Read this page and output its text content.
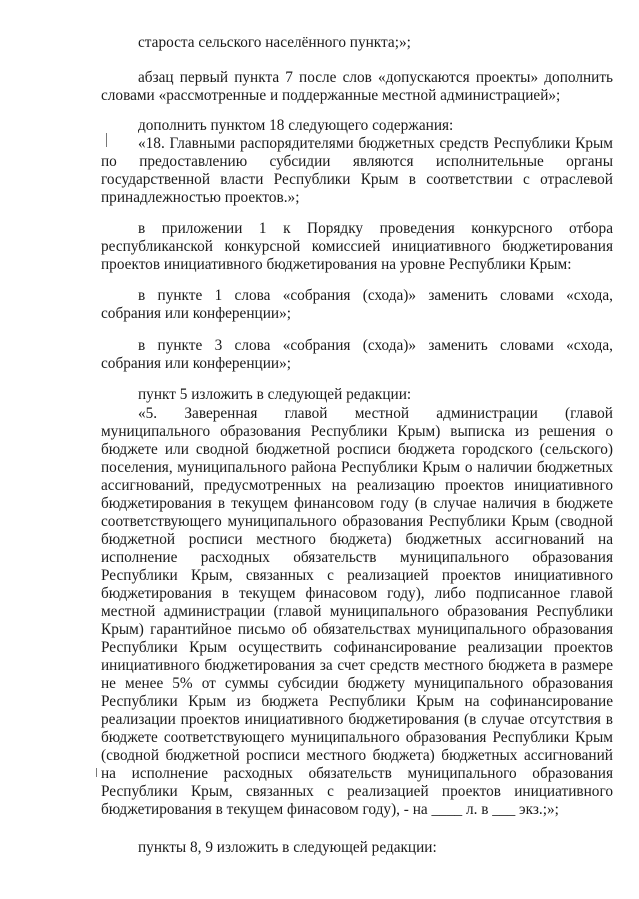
староста сельского населённого пункта;»;
абзац первый пункта 7 после слов «допускаются проекты» дополнить
словами «рассмотренные и поддержанные местной администрацией»;
дополнить пунктом 18 следующего содержания:
«18. Главными распорядителями бюджетных средств Республики Крым
по предоставлению субсидии являются исполнительные органы
государственной власти Республики Крым в соответствии с отраслевой
принадлежностью проектов.»;
в приложении 1 к Порядку проведения конкурсного отбора
республиканской конкурсной комиссией инициативного бюджетирования
проектов инициативного бюджетирования на уровне Республики Крым:
в пункте 1 слова «собрания (схода)» заменить словами «схода,
собрания или конференции»;
в пункте 3 слова «собрания (схода)» заменить словами «схода,
собрания или конференции»;
пункт 5 изложить в следующей редакции:
«5. Заверенная главой местной администрации (главой
муниципального образования Республики Крым) выписка из решения о
бюджете или сводной бюджетной росписи бюджета городского (сельского)
поселения, муниципального района Республики Крым о наличии бюджетных
ассигнований, предусмотренных на реализацию проектов инициативного
бюджетирования в текущем финансовом году (в случае наличия в бюджете
соответствующего муниципального образования Республики Крым (сводной
бюджетной росписи местного бюджета) бюджетных ассигнований на
исполнение расходных обязательств муниципального образования
Республики Крым, связанных с реализацией проектов инициативного
бюджетирования в текущем финасовом году), либо подписанное главой
местной администрации (главой муниципального образования Республики
Крым) гарантийное письмо об обязательствах муниципального образования
Республики Крым осуществить софинансирование реализации проектов
инициативного бюджетирования за счет средств местного бюджета в размере
не менее 5% от суммы субсидии бюджету муниципального образования
Республики Крым из бюджета Республики Крым на софинансирование
реализации проектов инициативного бюджетирования (в случае отсутствия в
бюджете соответствующего муниципального образования Республики Крым
(сводной бюджетной росписи местного бюджета) бюджетных ассигнований
на исполнение расходных обязательств муниципального образования
Республики Крым, связанных с реализацией проектов инициативного
бюджетирования в текущем финасовом году), - на ____ л. в ___ экз.;»;
пункты 8, 9 изложить в следующей редакции:
